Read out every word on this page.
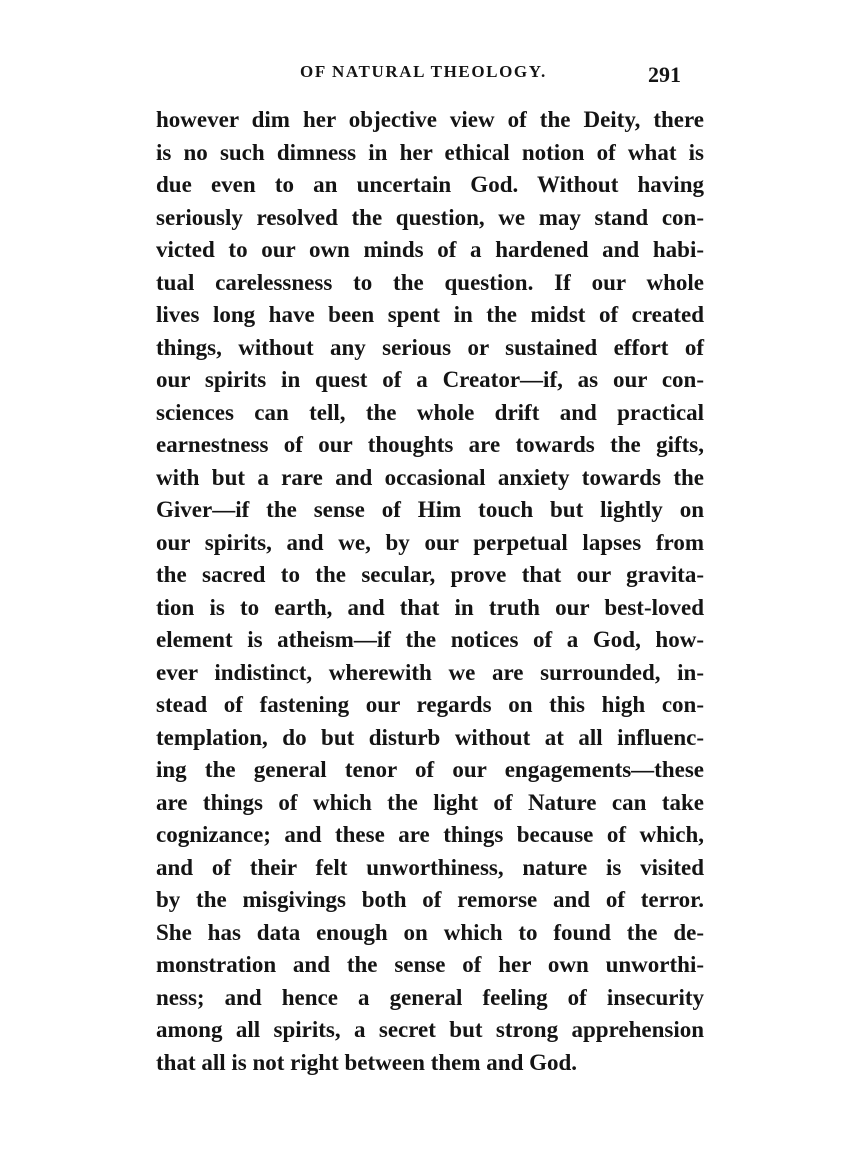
OF NATURAL THEOLOGY.	291
however dim her objective view of the Deity, there
is no such dimness in her ethical notion of what is
due even to an uncertain God. Without having
seriously resolved the question, we may stand con-
victed to our own minds of a hardened and habi-
tual carelessness to the question. If our whole
lives long have been spent in the midst of created
things, without any serious or sustained effort of
our spirits in quest of a Creator—if, as our con-
sciences can tell, the whole drift and practical
earnestness of our thoughts are towards the gifts,
with but a rare and occasional anxiety towards the
Giver—if the sense of Him touch but lightly on
our spirits, and we, by our perpetual lapses from
the sacred to the secular, prove that our gravita-
tion is to earth, and that in truth our best-loved
element is atheism—if the notices of a God, how-
ever indistinct, wherewith we are surrounded, in-
stead of fastening our regards on this high con-
templation, do but disturb without at all influenc-
ing the general tenor of our engagements—these
are things of which the light of Nature can take
cognizance; and these are things because of which,
and of their felt unworthiness, nature is visited
by the misgivings both of remorse and of terror.
She has data enough on which to found the de-
monstration and the sense of her own unworthi-
ness; and hence a general feeling of insecurity
among all spirits, a secret but strong apprehension
that all is not right between them and God.
